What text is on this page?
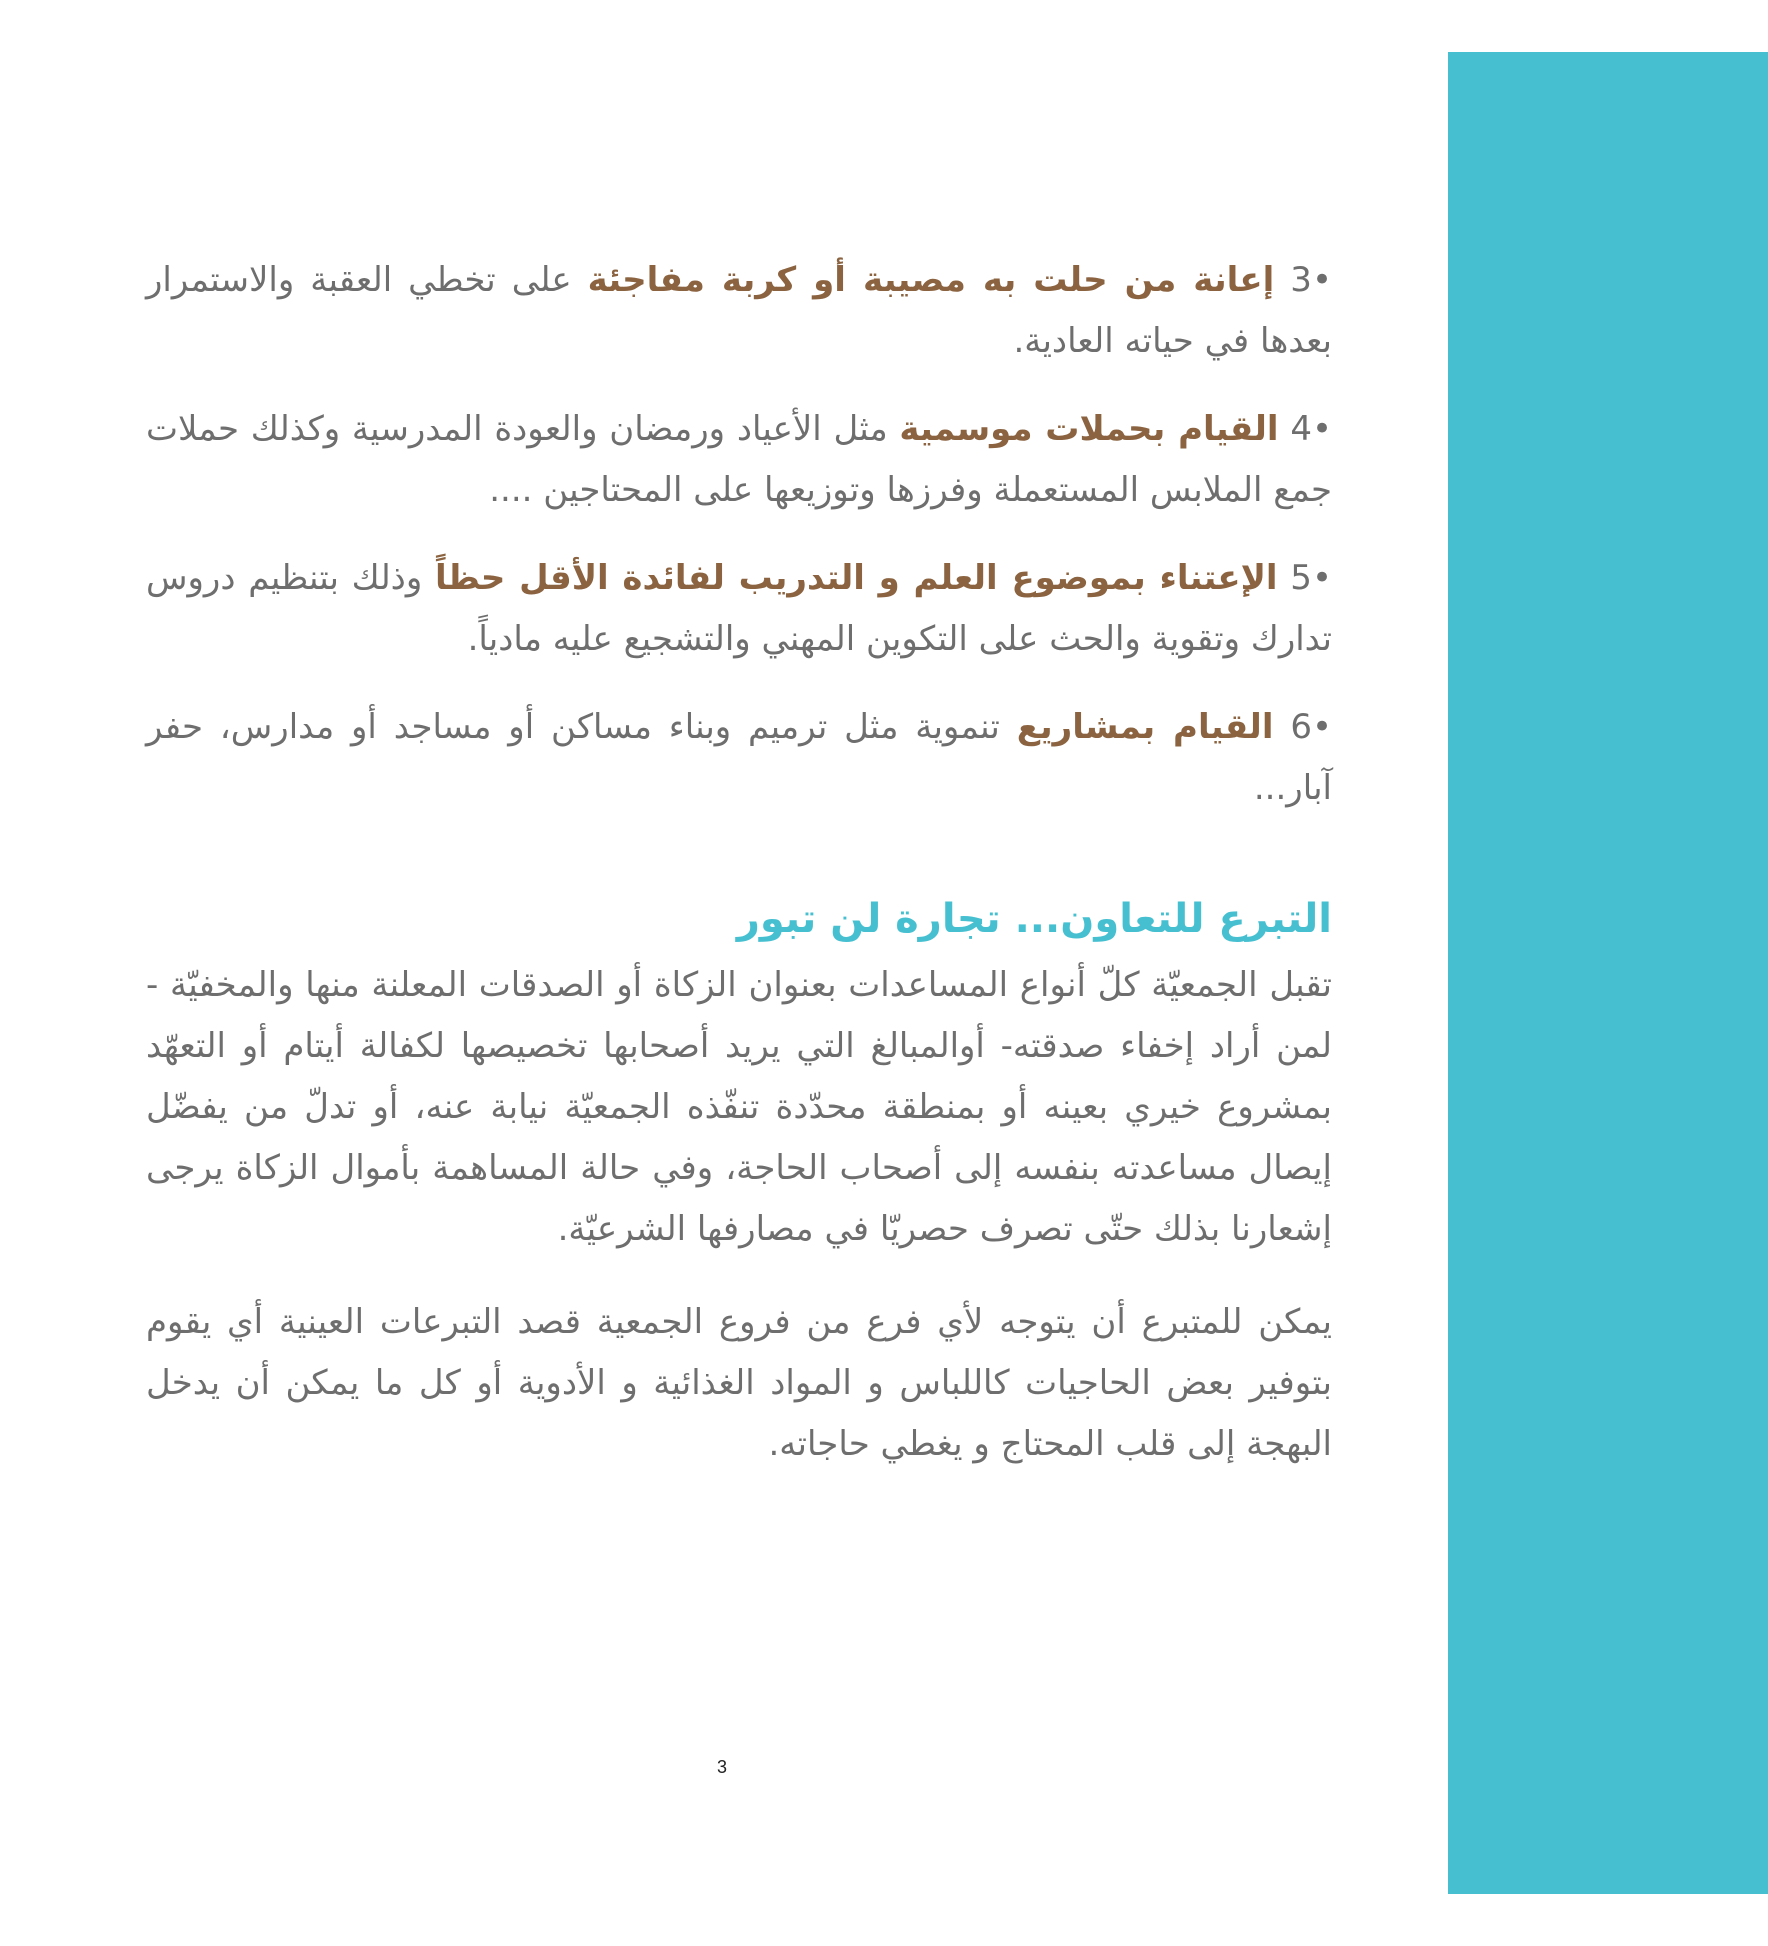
•3 إعانة من حلت به مصيبة أو كربة مفاجئة على تخطي العقبة والاستمرار بعدها في حياته العادية.
•4 القيام بحملات موسمية مثل الأعياد ورمضان والعودة المدرسية وكذلك حملات جمع الملابس المستعملة وفرزها وتوزيعها على المحتاجين ....
•5 الإعتناء بموضوع العلم و التدريب لفائدة الأقل حظاً وذلك بتنظيم دروس تدارك وتقوية والحث على التكوين المهني والتشجيع عليه مادياً.
•6 القيام بمشاريع تنموية مثل ترميم وبناء مساكن أو مساجد أو مدارس، حفر آبار...
التبرع للتعاون... تجارة لن تبور

تقبل الجمعيّة كلّ أنواع المساعدات بعنوان الزكاة أو الصدقات المعلنة منها والمخفيّة - لمن أراد إخفاء صدقته- أوالمبالغ التي يريد أصحابها تخصيصها لكفالة أيتام أو التعهّد بمشروع خيري بعينه أو بمنطقة محدّدة تنفّذه الجمعيّة نيابة عنه، أو تدلّ من يفضّل إيصال مساعدته بنفسه إلى أصحاب الحاجة، وفي حالة المساهمة بأموال الزكاة يرجى إشعارنا بذلك حتّى تصرف حصريّا في مصارفها الشرعيّة.

يمكن للمتبرع أن يتوجه لأي فرع من فروع الجمعية قصد التبرعات العينية أي يقوم بتوفير بعض الحاجيات كاللباس و المواد الغذائية و الأدوية أو كل ما يمكن أن يدخل البهجة إلى قلب المحتاج و يغطي حاجاته.

3
